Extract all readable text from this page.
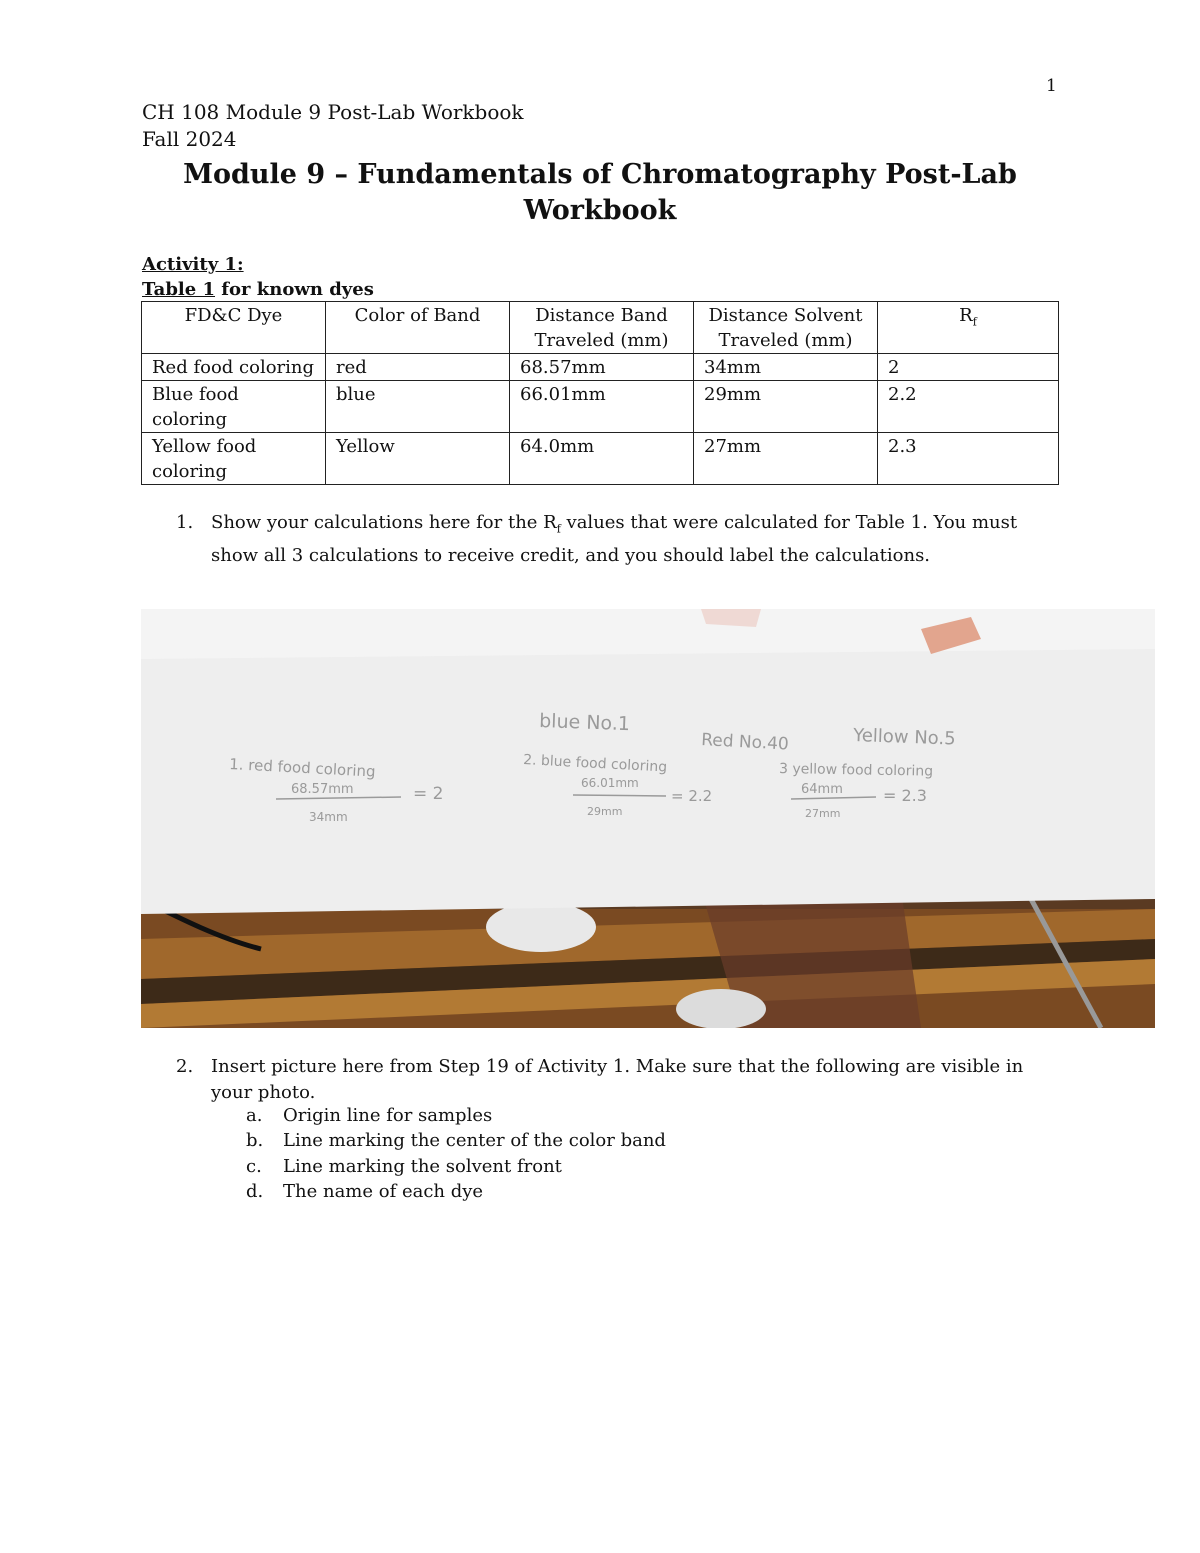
1
CH 108 Module 9 Post-Lab Workbook
Fall 2024
Module 9 – Fundamentals of Chromatography Post-Lab Workbook
Activity 1:
Table 1 for known dyes
FD&C Dye	Color of Band	Distance Band Traveled (mm)	Distance Solvent Traveled (mm)	$R_f$
Red food coloring	red	68.57mm	34mm	2
Blue food coloring	blue	66.01mm	29mm	2.2
Yellow food coloring	Yellow	64.0mm	27mm	2.3
1. Show your calculations here for the $R_f$ values that were calculated for Table 1. You must show all 3 calculations to receive credit, and you should label the calculations.
blue No.1
Red No.40	Yellow No.5
1. red food coloring
68.57mm
34mm
= 2
2. blue food coloring
66.01mm
29mm
= 2.2
3 yellow food coloring
64mm
27mm
= 2.3
2. Insert picture here from Step 19 of Activity 1. Make sure that the following are visible in your photo.
a. Origin line for samples
b. Line marking the center of the color band
c. Line marking the solvent front
d. The name of each dye
